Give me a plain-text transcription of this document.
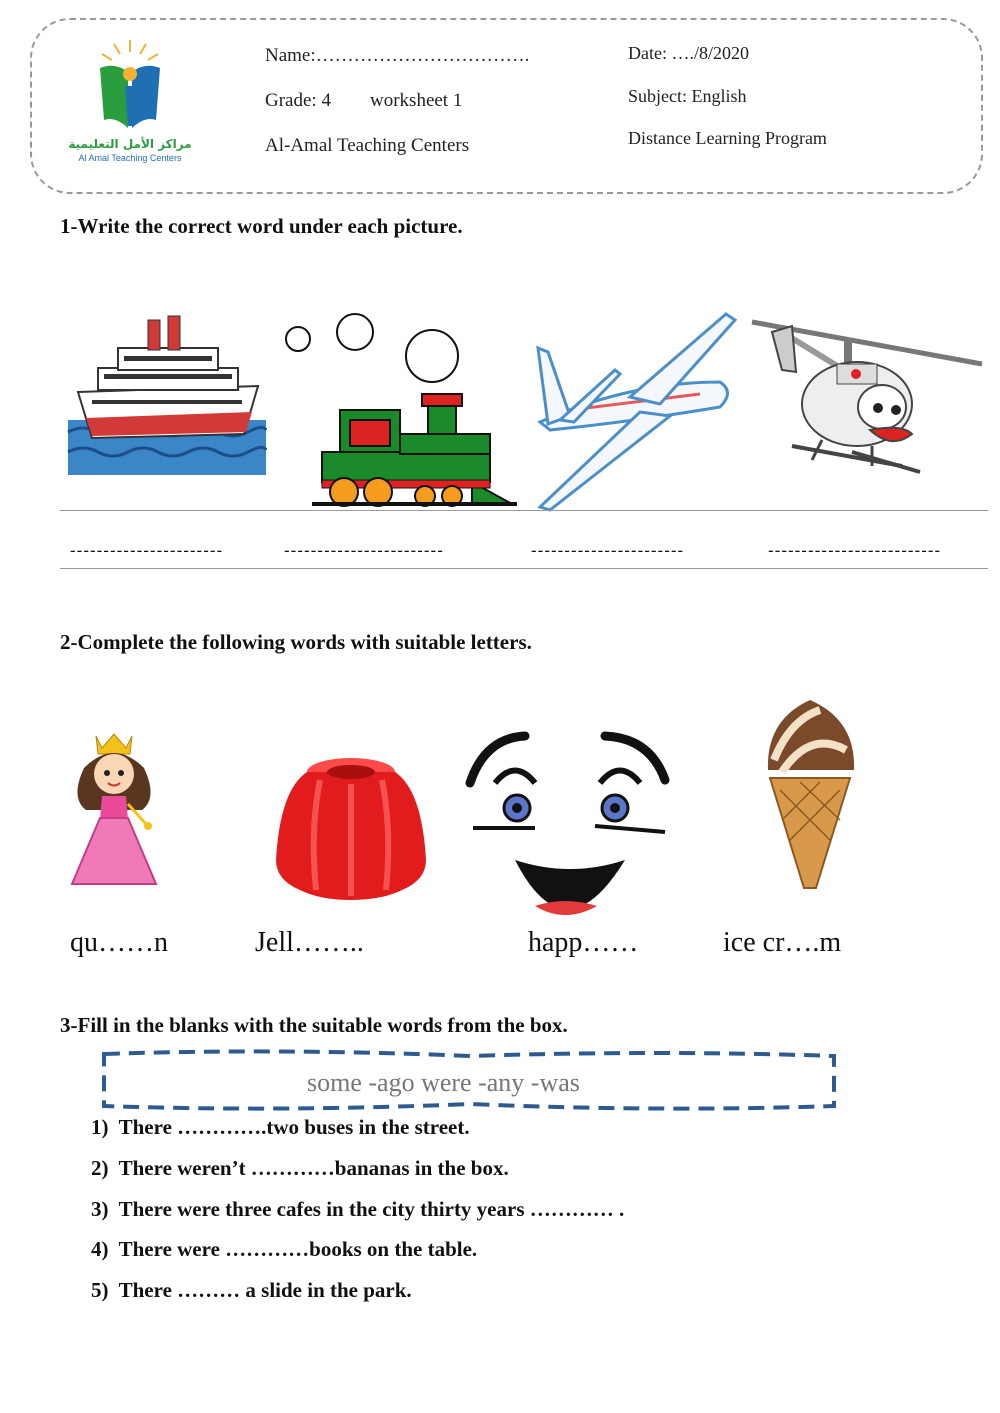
مراكز الأمل التعليمية
Al Amal Teaching Centers
Name:…………………………….
Grade: 4 worksheet 1
Al-Amal Teaching Centers
Date: …./8/2020
Subject: English
Distance Learning Program
1-Write the correct word under each picture.
-----------------------	------------------------	-----------------------	--------------------------
2-Complete the following words with suitable letters.
qu……n	Jell……..	happ……	ice cr….m
3-Fill in the blanks with the suitable words from the box.
some -ago were -any -was
1) There ………….two buses in the street.
2) There weren’t …………bananas in the box.
3) There were three cafes in the city thirty years ………… .
4) There were …………books on the table.
5) There ……… a slide in the park.
